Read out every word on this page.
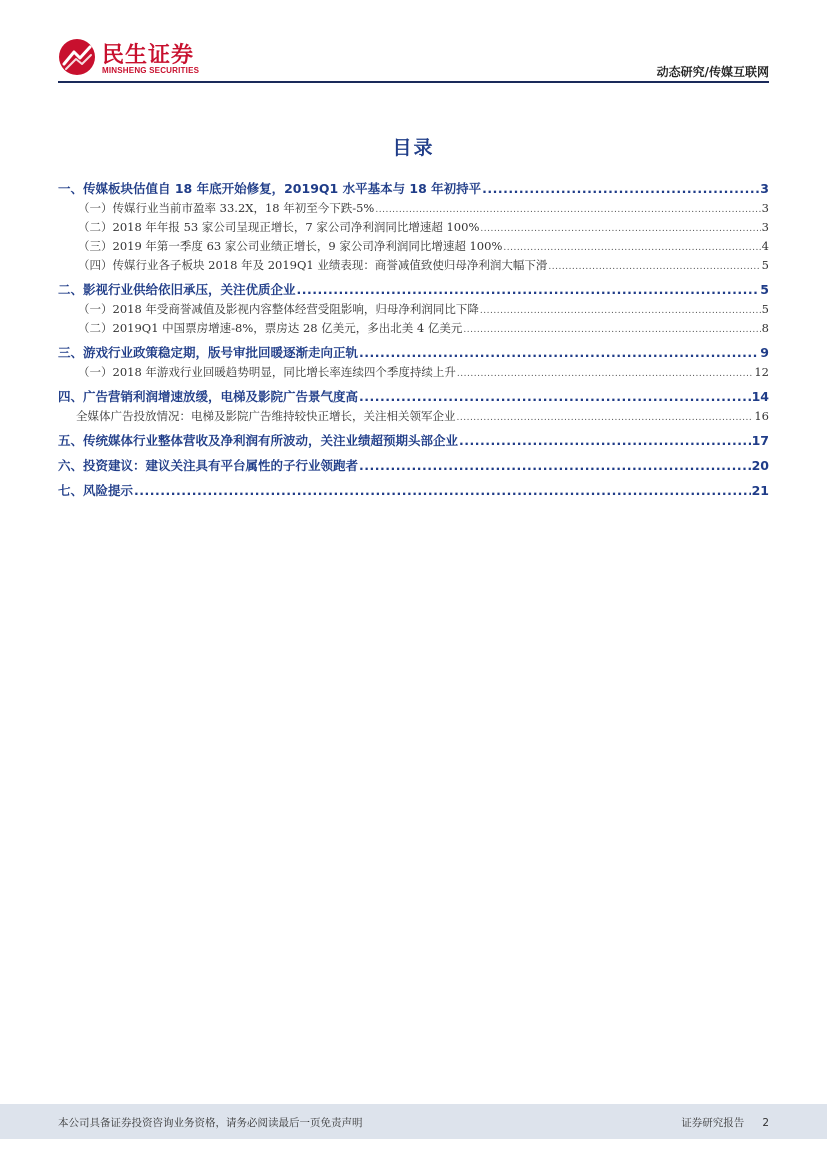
民生证券
MINSHENG SECURITIES	动态研究/传媒互联网
目录
一、传媒板块估值自 18 年底开始修复，2019Q1 水平基本与 18 年初持平 .....	3
（一）传媒行业当前市盈率 33.2X，18 年初至今下跌-5% .....	3
（二）2018 年年报 53 家公司呈现正增长，7 家公司净利润同比增速超 100% .....	3
（三）2019 年第一季度 63 家公司业绩正增长，9 家公司净利润同比增速超 100% .....	4
（四）传媒行业各子板块 2018 年及 2019Q1 业绩表现：商誉减值致使归母净利润大幅下滑 .....	5
二、影视行业供给依旧承压，关注优质企业 .....	5
（一）2018 年受商誉减值及影视内容整体经营受阻影响，归母净利润同比下降 .....	5
（二）2019Q1 中国票房增速-8%，票房达 28 亿美元，多出北美 4 亿美元 .....	8
三、游戏行业政策稳定期，版号审批回暖逐渐走向正轨 .....	9
（一）2018 年游戏行业回暖趋势明显，同比增长率连续四个季度持续上升 .....	12
四、广告营销利润增速放缓，电梯及影院广告景气度高 .....	14
全媒体广告投放情况：电梯及影院广告维持较快正增长，关注相关领军企业 .....	16
五、传统媒体行业整体营收及净利润有所波动，关注业绩超预期头部企业 .....	17
六、投资建议：建议关注具有平台属性的子行业领跑者 .....	20
七、风险提示 .....	21
本公司具备证券投资咨询业务资格，请务必阅读最后一页免责声明	证券研究报告 2
